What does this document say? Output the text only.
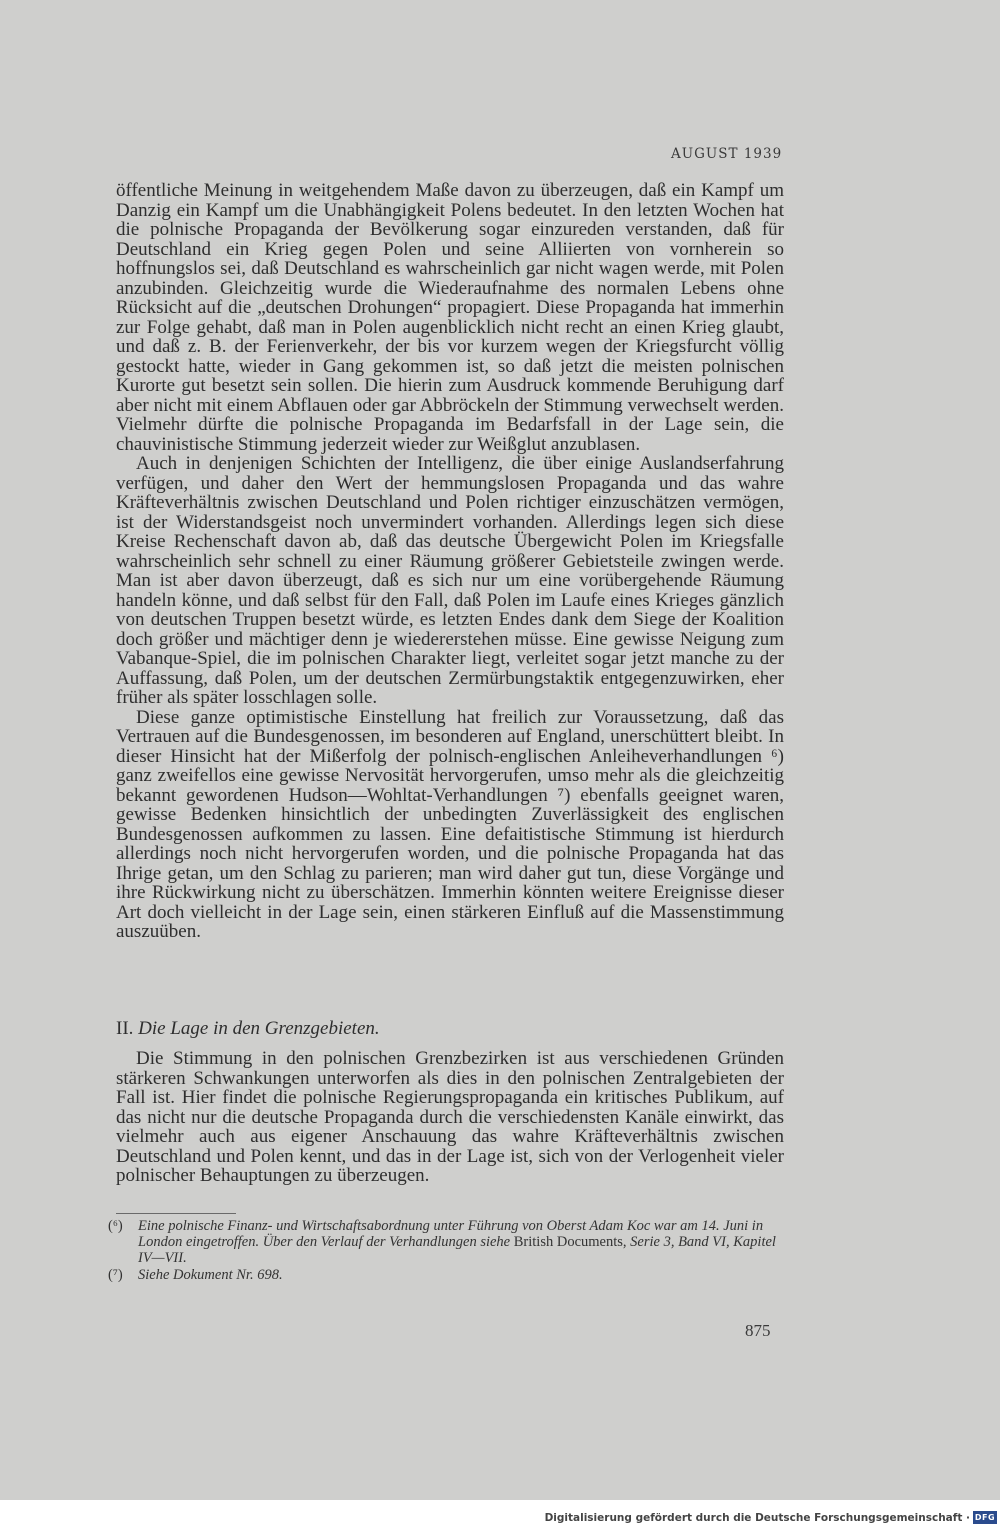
AUGUST 1939

öffentliche Meinung in weitgehendem Maße davon zu überzeugen, daß ein Kampf um Danzig ein Kampf um die Unabhängigkeit Polens bedeutet. In den letzten Wochen hat die polnische Propaganda der Bevölkerung sogar einzureden verstanden, daß für Deutschland ein Krieg gegen Polen und seine Alliierten von vornherein so hoffnungslos sei, daß Deutschland es wahrscheinlich gar nicht wagen werde, mit Polen anzubinden. Gleichzeitig wurde die Wiederaufnahme des normalen Lebens ohne Rücksicht auf die „deutschen Drohungen“ propagiert. Diese Propaganda hat immerhin zur Folge gehabt, daß man in Polen augenblicklich nicht recht an einen Krieg glaubt, und daß z. B. der Ferienverkehr, der bis vor kurzem wegen der Kriegsfurcht völlig gestockt hatte, wieder in Gang gekommen ist, so daß jetzt die meisten polnischen Kurorte gut besetzt sein sollen. Die hierin zum Ausdruck kommende Beruhigung darf aber nicht mit einem Abflauen oder gar Abbröckeln der Stimmung verwechselt werden. Vielmehr dürfte die polnische Propaganda im Bedarfsfall in der Lage sein, die chauvinistische Stimmung jederzeit wieder zur Weißglut anzublasen.

Auch in denjenigen Schichten der Intelligenz, die über einige Auslandserfahrung verfügen, und daher den Wert der hemmungslosen Propaganda und das wahre Kräfteverhältnis zwischen Deutschland und Polen richtiger einzuschätzen vermögen, ist der Widerstandsgeist noch unvermindert vorhanden. Allerdings legen sich diese Kreise Rechenschaft davon ab, daß das deutsche Übergewicht Polen im Kriegsfalle wahrscheinlich sehr schnell zu einer Räumung größerer Gebietsteile zwingen werde. Man ist aber davon überzeugt, daß es sich nur um eine vorübergehende Räumung handeln könne, und daß selbst für den Fall, daß Polen im Laufe eines Krieges gänzlich von deutschen Truppen besetzt würde, es letzten Endes dank dem Siege der Koalition doch größer und mächtiger denn je wiedererstehen müsse. Eine gewisse Neigung zum Vabanque-Spiel, die im polnischen Charakter liegt, verleitet sogar jetzt manche zu der Auffassung, daß Polen, um der deutschen Zermürbungstaktik entgegenzuwirken, eher früher als später losschlagen solle.

Diese ganze optimistische Einstellung hat freilich zur Voraussetzung, daß das Vertrauen auf die Bundesgenossen, im besonderen auf England, unerschüttert bleibt. In dieser Hinsicht hat der Mißerfolg der polnisch-englischen Anleiheverhandlungen ⁶) ganz zweifellos eine gewisse Nervosität hervorgerufen, umso mehr als die gleichzeitig bekannt gewordenen Hudson—Wohltat-Verhandlungen ⁷) ebenfalls geeignet waren, gewisse Bedenken hinsichtlich der unbedingten Zuverlässigkeit des englischen Bundesgenossen aufkommen zu lassen. Eine defaitistische Stimmung ist hierdurch allerdings noch nicht hervorgerufen worden, und die polnische Propaganda hat das Ihrige getan, um den Schlag zu parieren; man wird daher gut tun, diese Vorgänge und ihre Rückwirkung nicht zu überschätzen. Immerhin könnten weitere Ereignisse dieser Art doch vielleicht in der Lage sein, einen stärkeren Einfluß auf die Massenstimmung auszuüben.

II. Die Lage in den Grenzgebieten.

Die Stimmung in den polnischen Grenzbezirken ist aus verschiedenen Gründen stärkeren Schwankungen unterworfen als dies in den polnischen Zentralgebieten der Fall ist. Hier findet die polnische Regierungspropaganda ein kritisches Publikum, auf das nicht nur die deutsche Propaganda durch die verschiedensten Kanäle einwirkt, das vielmehr auch aus eigener Anschauung das wahre Kräfteverhältnis zwischen Deutschland und Polen kennt, und das in der Lage ist, sich von der Verlogenheit vieler polnischer Behauptungen zu überzeugen.

(⁶) Eine polnische Finanz- und Wirtschaftsabordnung unter Führung von Oberst Adam Koc war am 14. Juni in London eingetroffen. Über den Verlauf der Verhandlungen siehe British Documents, Serie 3, Band VI, Kapitel IV—VII.
(⁷) Siehe Dokument Nr. 698.
875
Digitalisierung gefördert durch die Deutsche Forschungsgemeinschaft · DFG
